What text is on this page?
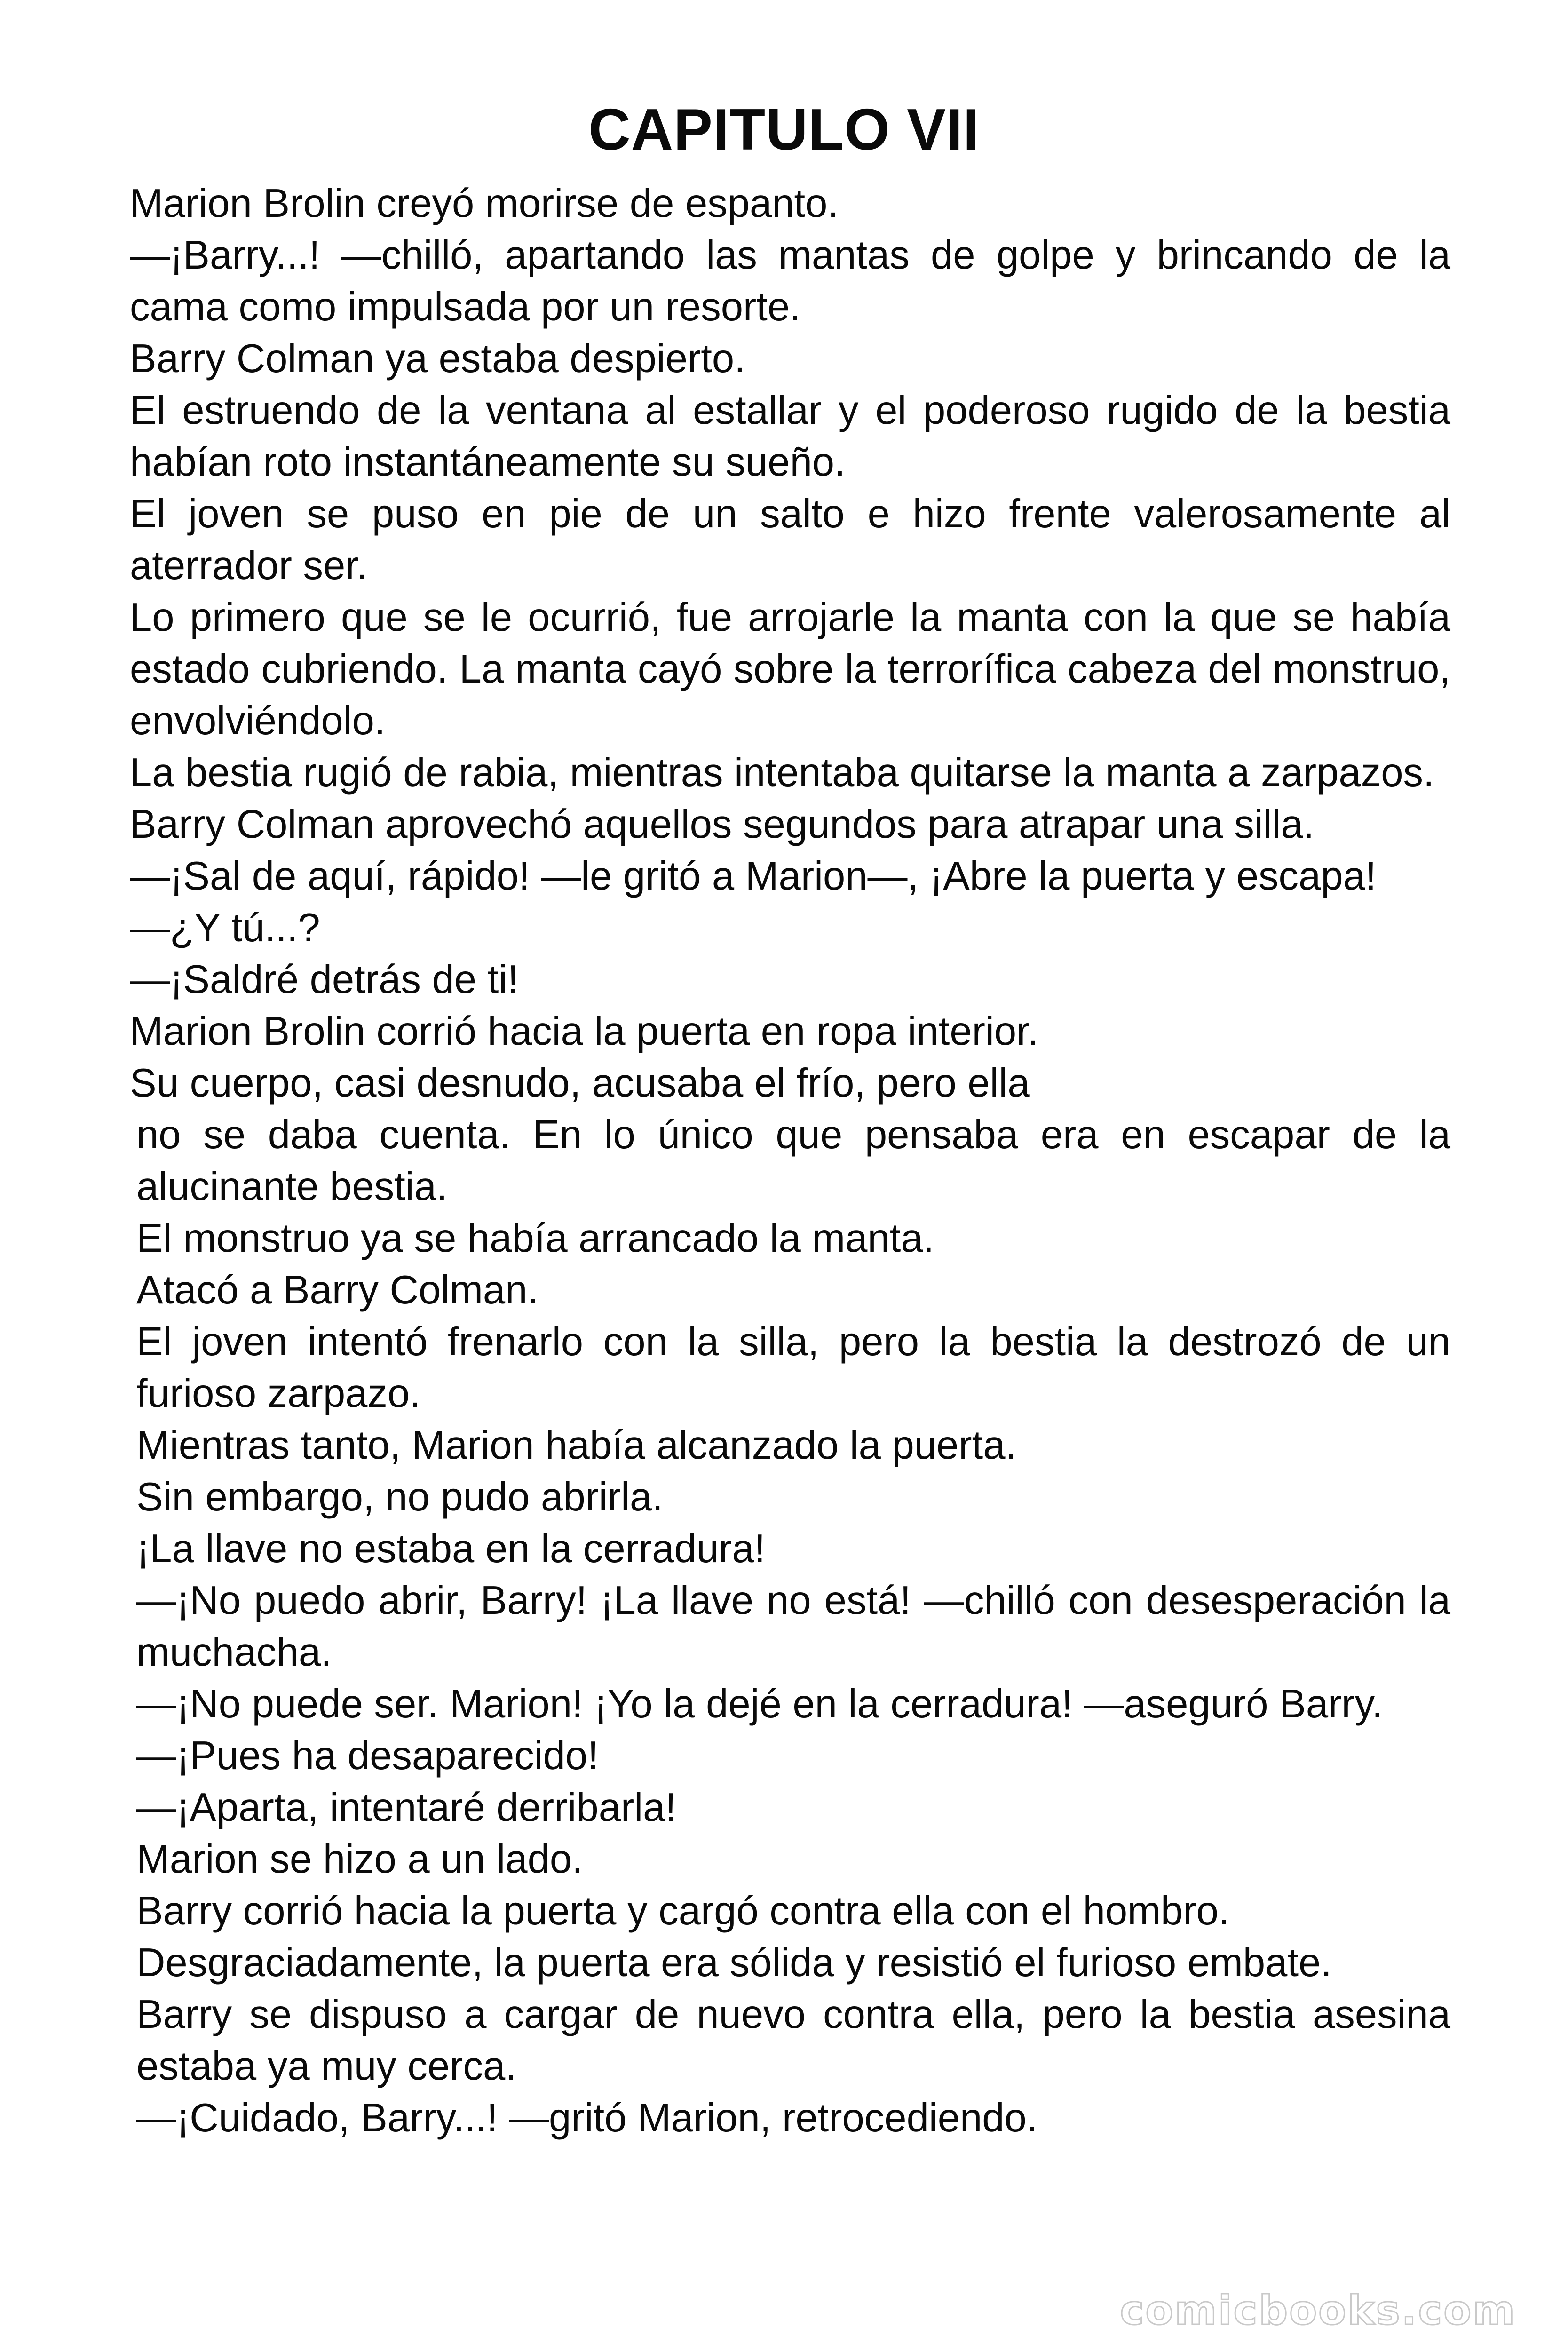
CAPITULO VII

Marion Brolin creyó morirse de espanto.

—¡Barry...! —chilló, apartando las mantas de golpe y brincando de la cama como impulsada por un resorte.

Barry Colman ya estaba despierto.

El estruendo de la ventana al estallar y el poderoso rugido de la bestia habían roto instantáneamente su sueño.

El joven se puso en pie de un salto e hizo frente valerosamente al aterrador ser.

Lo primero que se le ocurrió, fue arrojarle la manta con la que se había estado cubriendo. La manta cayó sobre la terrorífica cabeza del monstruo, envolviéndolo.

La bestia rugió de rabia, mientras intentaba quitarse la manta a zarpazos.

Barry Colman aprovechó aquellos segundos para atrapar una silla.

—¡Sal de aquí, rápido! —le gritó a Marion—, ¡Abre la puerta y escapa!

—¿Y tú...?

—¡Saldré detrás de ti!

Marion Brolin corrió hacia la puerta en ropa interior.

Su cuerpo, casi desnudo, acusaba el frío, pero ella

no se daba cuenta. En lo único que pensaba era en escapar de la alucinante bestia.

El monstruo ya se había arrancado la manta.

Atacó a Barry Colman.

El joven intentó frenarlo con la silla, pero la bestia la destrozó de un furioso zarpazo.

Mientras tanto, Marion había alcanzado la puerta.

Sin embargo, no pudo abrirla.

¡La llave no estaba en la cerradura!

—¡No puedo abrir, Barry! ¡La llave no está! —chilló con desesperación la muchacha.

—¡No puede ser. Marion! ¡Yo la dejé en la cerradura! —aseguró Barry.

—¡Pues ha desaparecido!

—¡Aparta, intentaré derribarla!

Marion se hizo a un lado.

Barry corrió hacia la puerta y cargó contra ella con el hombro.

Desgraciadamente, la puerta era sólida y resistió el furioso embate.

Barry se dispuso a cargar de nuevo contra ella, pero la bestia asesina estaba ya muy cerca.

—¡Cuidado, Barry...! —gritó Marion, retrocediendo.

comicbooks.com
